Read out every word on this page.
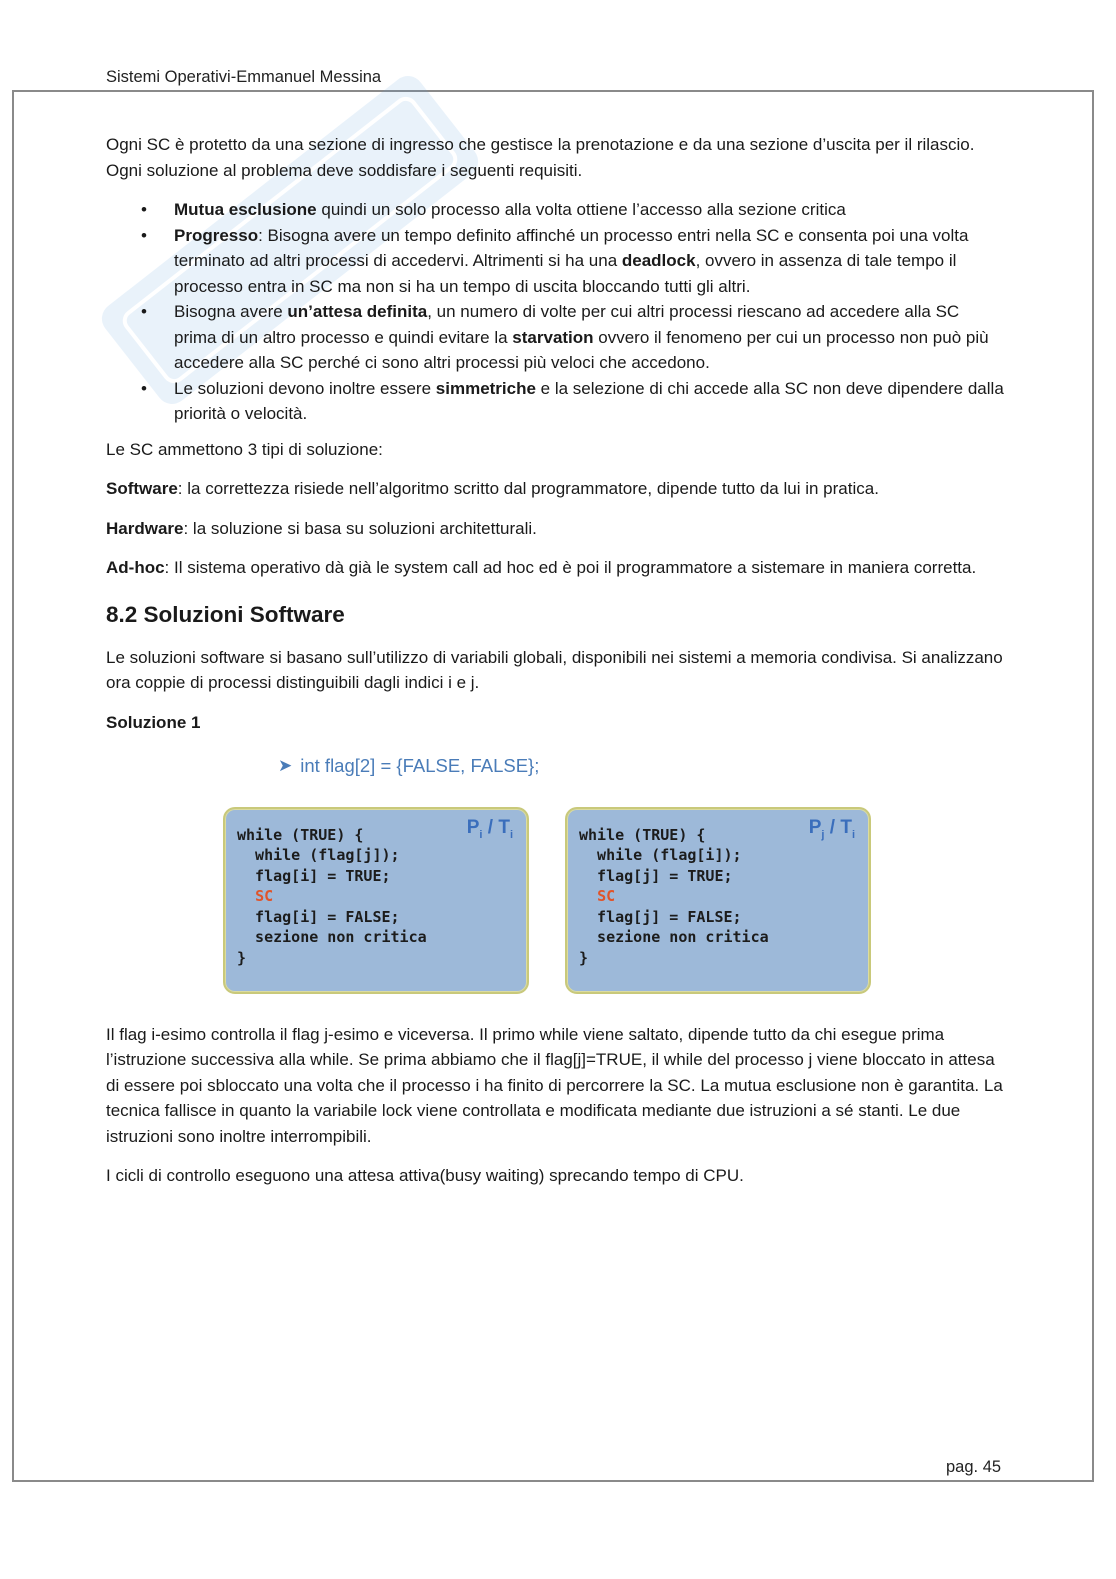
Sistemi Operativi-Emmanuel Messina

Ogni SC è protetto da una sezione di ingresso che gestisce la prenotazione e da una sezione d’uscita per il rilascio. Ogni soluzione al problema deve soddisfare i seguenti requisiti.

• Mutua esclusione quindi un solo processo alla volta ottiene l’accesso alla sezione critica
• Progresso: Bisogna avere un tempo definito affinché un processo entri nella SC e consenta poi una volta terminato ad altri processi di accedervi. Altrimenti si ha una deadlock, ovvero in assenza di tale tempo il processo entra in SC ma non si ha un tempo di uscita bloccando tutti gli altri.
• Bisogna avere un’attesa definita, un numero di volte per cui altri processi riescano ad accedere alla SC prima di un altro processo e quindi evitare la starvation ovvero il fenomeno per cui un processo non può più accedere alla SC perché ci sono altri processi più veloci che accedono.
• Le soluzioni devono inoltre essere simmetriche e la selezione di chi accede alla SC non deve dipendere dalla priorità o velocità.

Le SC ammettono 3 tipi di soluzione:

Software: la correttezza risiede nell’algoritmo scritto dal programmatore, dipende tutto da lui in pratica.

Hardware: la soluzione si basa su soluzioni architetturali.

Ad-hoc: Il sistema operativo dà già le system call ad hoc ed è poi il programmatore a sistemare in maniera corretta.

8.2 Soluzioni Software

Le soluzioni software si basano sull’utilizzo di variabili globali, disponibili nei sistemi a memoria condivisa. Si analizzano ora coppie di processi distinguibili dagli indici i e j.

Soluzione 1
➤ int flag[2] = {FALSE, FALSE};
$P_i / T_i$
while (TRUE) {
while (flag[j]);
flag[i] = TRUE;
SC
flag[i] = FALSE;
sezione non critica
}
$P_j / T_i$
while (TRUE) {
while (flag[i]);
flag[j] = TRUE;
SC
flag[j] = FALSE;
sezione non critica
}

Il flag i-esimo controlla il flag j-esimo e viceversa. Il primo while viene saltato, dipende tutto da chi esegue prima l’istruzione successiva alla while. Se prima abbiamo che il flag[j]=TRUE, il while del processo j viene bloccato in attesa di essere poi sbloccato una volta che il processo i ha finito di percorrere la SC. La mutua esclusione non è garantita. La tecnica fallisce in quanto la variabile lock viene controllata e modificata mediante due istruzioni a sé stanti. Le due istruzioni sono inoltre interrompibili.

I cicli di controllo eseguono una attesa attiva(busy waiting) sprecando tempo di CPU.

pag. 45
